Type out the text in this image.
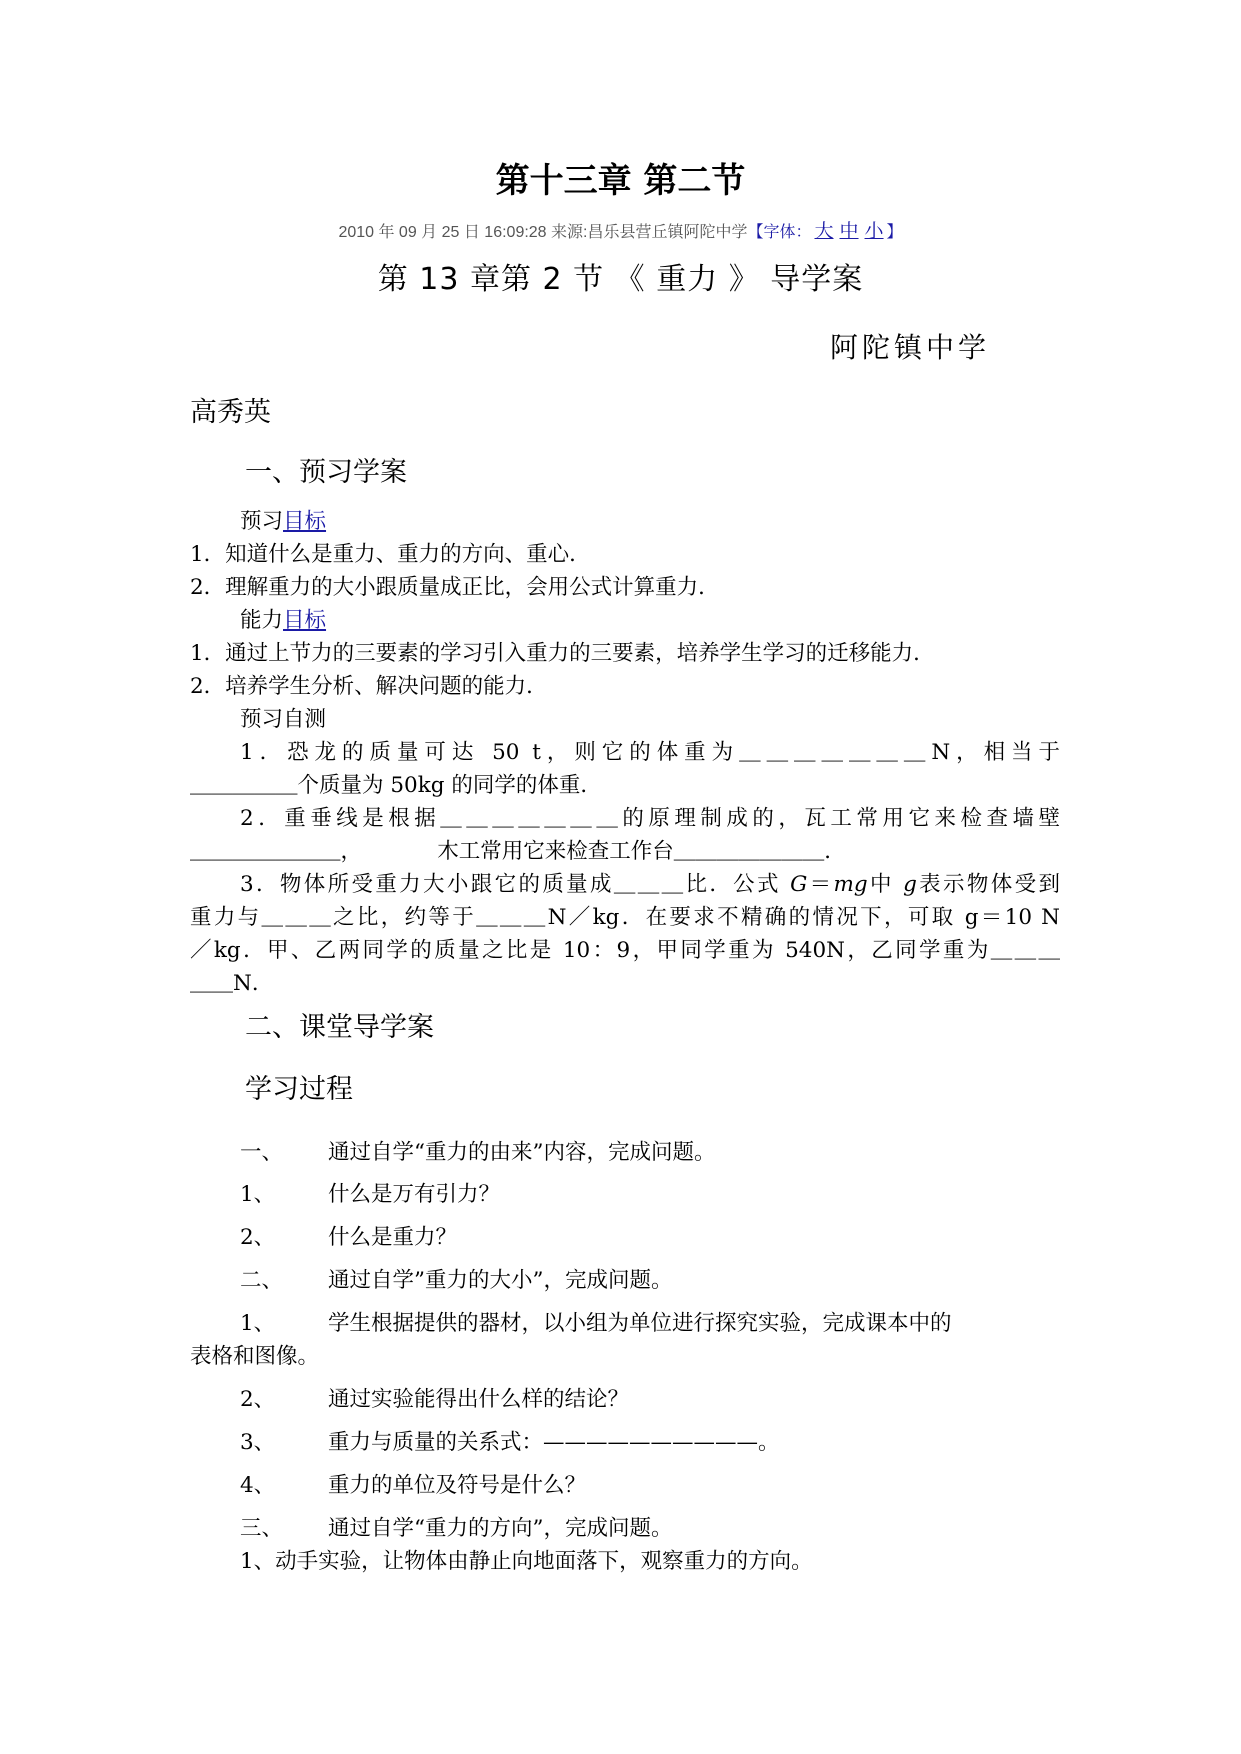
第十三章 第二节
2010 年 09 月 25 日 16:09:28 来源:昌乐县营丘镇阿陀中学【字体： 大 中 小 】
第 13 章第 2 节 《 重力 》 导学案
阿陀镇中学
高秀英
一、预习学案
预习目标
1．知道什么是重力、重力的方向、重心．
2．理解重力的大小跟质量成正比，会用公式计算重力．
能力目标
1．通过上节力的三要素的学习引入重力的三要素，培养学生学习的迁移能力．
2．培养学生分析、解决问题的能力．
预习自测
1．恐龙的质量可达 50 t，则它的体重为＿＿＿＿＿＿＿N，相当于
＿＿＿＿＿个质量为 50kg 的同学的体重．
2．重垂线是根据＿＿＿＿＿＿＿的原理制成的，瓦工常用它来检查墙壁
＿＿＿＿＿＿＿，　　　　木工常用它来检查工作台＿＿＿＿＿＿＿．
3．物体所受重力大小跟它的质量成＿＿＿比．公式 G＝mg中 g表示物体受到
重力与＿＿＿之比，约等于＿＿＿N／kg．在要求不精确的情况下，可取 g＝10 N
／kg．甲、乙两同学的质量之比是 10：9，甲同学重为 540N，乙同学重为＿＿＿
＿＿N．
二、课堂导学案
学习过程
一、 通过自学“重力的由来”内容，完成问题。
1、 什么是万有引力？
2、 什么是重力？
二、 通过自学”重力的大小”，完成问题。
1、 学生根据提供的器材，以小组为单位进行探究实验，完成课本中的
表格和图像。
2、 通过实验能得出什么样的结论？
3、 重力与质量的关系式：——————————。
4、 重力的单位及符号是什么？
三、 通过自学“重力的方向”，完成问题。
1、动手实验，让物体由静止向地面落下，观察重力的方向。
